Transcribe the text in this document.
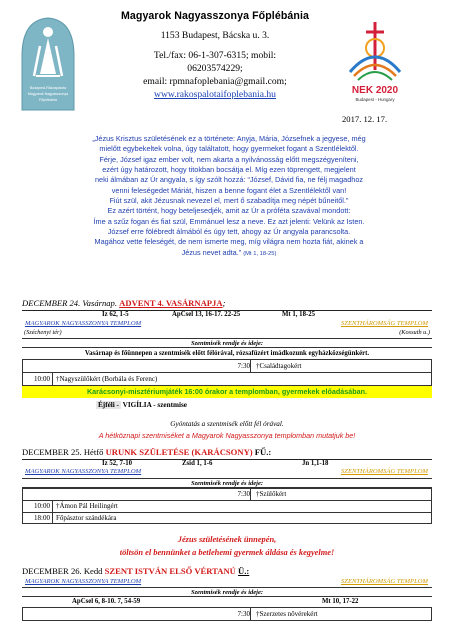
Budapest-Rákospalota
Magyarok Nagyasszonya
Főplébánia
Magyarok Nagyasszonya Főplébánia
1153 Budapest, Bácska u. 3.
Tel./fax: 06-1-307-6315; mobil:
06203574229;
email: rpmnafoplebania@gmail.com;
www.rakospalotaifoplebania.hu	NEK 2020
Budapest - Hungary
2017. 12. 17.
„Jézus Krisztus születésének ez a története: Anyja, Mária, Józsefnek a jegyese, még
mielőtt egybekeltek volna, úgy találtatott, hogy gyermeket fogant a Szentlélektől.
Férje, József igaz ember volt, nem akarta a nyilvánosság előtt megszégyeníteni,
ezért úgy határozott, hogy titokban bocsátja el. Míg ezen töprengett, megjelent
neki álmában az Úr angyala, s így szólt hozzá: “József, Dávid fia, ne félj magadhoz
venni feleségedet Máriát, hiszen a benne fogant élet a Szentlélektől van!
Fiút szül, akit Jézusnak nevezel el, mert ő szabadítja meg népét bűneitől."
Ez azért történt, hogy beteljesedjék, amit az Úr a próféta szavával mondott:
Íme a szűz fogan és fiat szül, Emmánuel lesz a neve. Ez azt jelenti: Velünk az Isten.
József erre fölébredt álmából és úgy tett, ahogy az Úr angyala parancsolta.
Magához vette feleségét, de nem ismerte meg, míg világra nem hozta fiát, akinek a
Jézus nevet adta.” (Mt 1, 18-25)
DECEMBER 24. Vasárnap. ADVENT 4. VASÁRNAPJA;
Iz 62, 1-5	ApCsel 13, 16-17. 22-25	Mt 1, 18-25
MAGYAROK NAGYASSZONYA TEMPLOM	SZENTHÁROMSÁG TEMPLOM
(Széchenyi tér)	(Kossuth u.)
Szentmisék rendje és ideje:
Vasárnap és főünnepen a szentmisék előtt félórával, rózsafüzért imádkozunk egyházközségünkért.
7:30 †Családtagokért
10:00 †Nagyszülőkért (Borbála és Ferenc)
Karácsonyi-misztériumjáték 16:00 órakor a templomban, gyermekek előadásában.
Éjféli - VIGÍLIA - szentmise
Gyóntatás a szentmisék előtt fél órával.
A hétköznapi szentmiséket a Magyarok Nagyasszonya templomban mutatjuk be!
DECEMBER 25. Hétfő URUNK SZÜLETÉSE (KARÁCSONY) FŰ.:
Iz 52, 7-10	Zsid 1, 1-6	Jn 1,1-18
MAGYAROK NAGYASSZONYA TEMPLOM	SZENTHÁROMSÁG TEMPLOM
Szentmisék rendje és ideje:
7:30 †Szülőkért
10:00 †Ámon Pál Heilingért
18:00 Főpásztor szándékára
Jézus születésének ünnepén,
töltsön el bennünket a betlehemi gyermek áldása és kegyelme!
DECEMBER 26. Kedd SZENT ISTVÁN ELSŐ VÉRTANÚ Ü.:
MAGYAROK NAGYASSZONYA TEMPLOM	SZENTHÁROMSÁG TEMPLOM
Szentmisék rendje és ideje:
ApCsel 6, 8-10. 7, 54-59	Mt 10, 17-22
7:30 †Szerzetes nővérekért
